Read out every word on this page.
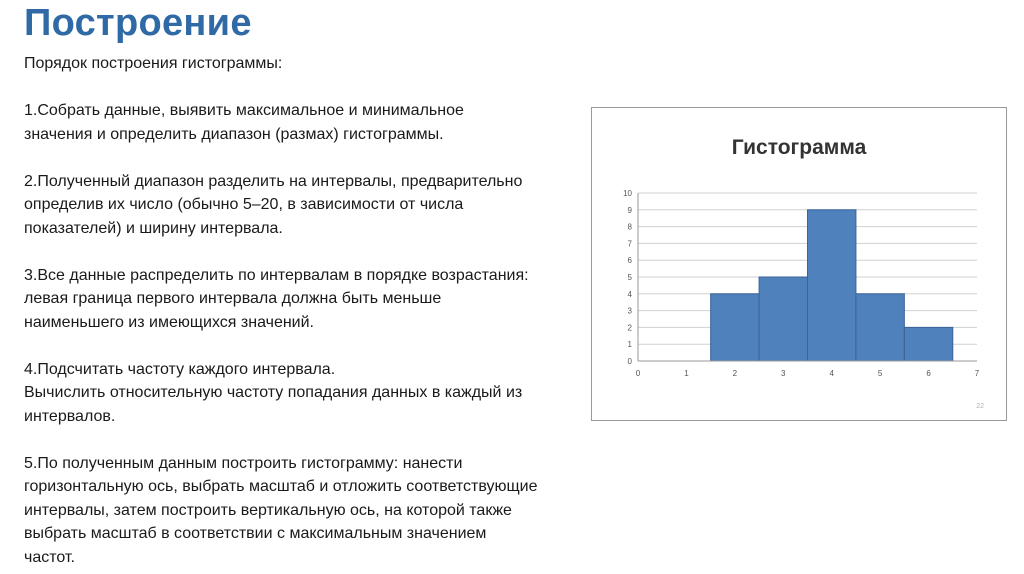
Построение

Порядок построения гистограммы:

1.Собрать данные, выявить максимальное и минимальное
значения и определить диапазон (размах) гистограммы.

2.Полученный диапазон разделить на интервалы, предварительно
определив их число (обычно 5–20, в зависимости от числа
показателей) и ширину интервала.

3.Все данные распределить по интервалам в порядке возрастания:
левая граница первого интервала должна быть меньше
наименьшего из имеющихся значений.

4.Подсчитать частоту каждого интервала.
Вычислить относительную частоту попадания данных в каждый из
интервалов.

5.По полученным данным построить гистограмму: нанести
горизонтальную ось, выбрать масштаб и отложить соответствующие
интервалы, затем построить вертикальную ось, на которой также
выбрать масштаб в соответствии с максимальным значением
частот.

Гистограмма
0
1
2
3
4
5
6
7
8
9
10
0	1	2	3	4	5	6	7
22
